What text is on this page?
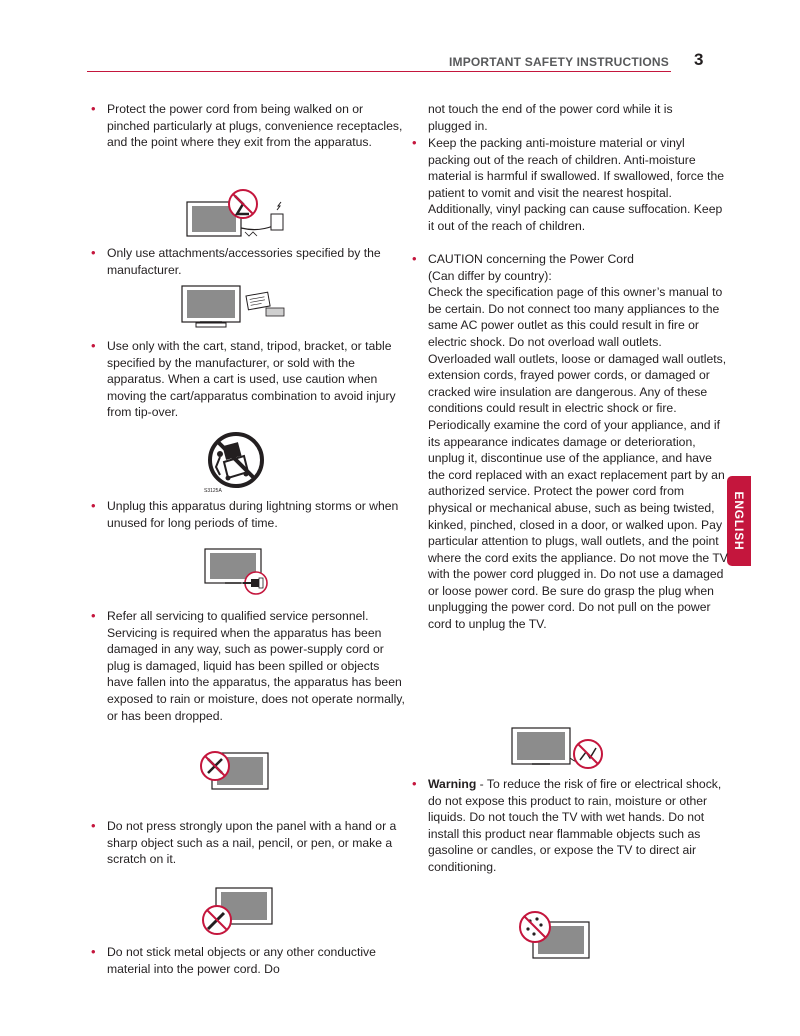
IMPORTANT SAFETY INSTRUCTIONS 3
ENGLISH

• Protect the power cord from being walked on or pinched particularly at plugs, convenience receptacles, and the point where they exit from the apparatus.

• Only use attachments/accessories specified by the manufacturer.

• Use only with the cart, stand, tripod, bracket, or table specified by the manufacturer, or sold with the apparatus. When a cart is used, use caution when moving the cart/apparatus combination to avoid injury from tip-over.

S3125A

• Unplug this apparatus during lightning storms or when unused for long periods of time.

• Refer all servicing to qualified service personnel. Servicing is required when the apparatus has been damaged in any way, such as power-supply cord or plug is damaged, liquid has been spilled or objects have fallen into the apparatus, the apparatus has been exposed to rain or moisture, does not operate normally, or has been dropped.

• Do not press strongly upon the panel with a hand or a sharp object such as a nail, pencil, or pen, or make a scratch on it.

• Do not stick metal objects or any other conductive material into the power cord. Do

not touch the end of the power cord while it is plugged in.

• Keep the packing anti-moisture material or vinyl packing out of the reach of children. Anti-moisture material is harmful if swallowed. If swallowed, force the patient to vomit and visit the nearest hospital. Additionally, vinyl packing can cause suffocation. Keep it out of the reach of children.

• CAUTION concerning the Power Cord
(Can differ by country):
Check the specification page of this owner’s manual to be certain. Do not connect too many appliances to the same AC power outlet as this could result in fire or electric shock. Do not overload wall outlets. Overloaded wall outlets, loose or damaged wall outlets, extension cords, frayed power cords, or damaged or cracked wire insulation are dangerous. Any of these conditions could result in electric shock or fire. Periodically examine the cord of your appliance, and if its appearance indicates damage or deterioration, unplug it, discontinue use of the appliance, and have the cord replaced with an exact replacement part by an authorized service. Protect the power cord from physical or mechanical abuse, such as being twisted, kinked, pinched, closed in a door, or walked upon. Pay particular attention to plugs, wall outlets, and the point where the cord exits the appliance. Do not move the TV with the power cord plugged in. Do not use a damaged or loose power cord. Be sure do grasp the plug when unplugging the power cord. Do not pull on the power cord to unplug the TV.

• Warning - To reduce the risk of fire or electrical shock, do not expose this product to rain, moisture or other liquids. Do not touch the TV with wet hands. Do not install this product near flammable objects such as gasoline or candles, or expose the TV to direct air conditioning.
